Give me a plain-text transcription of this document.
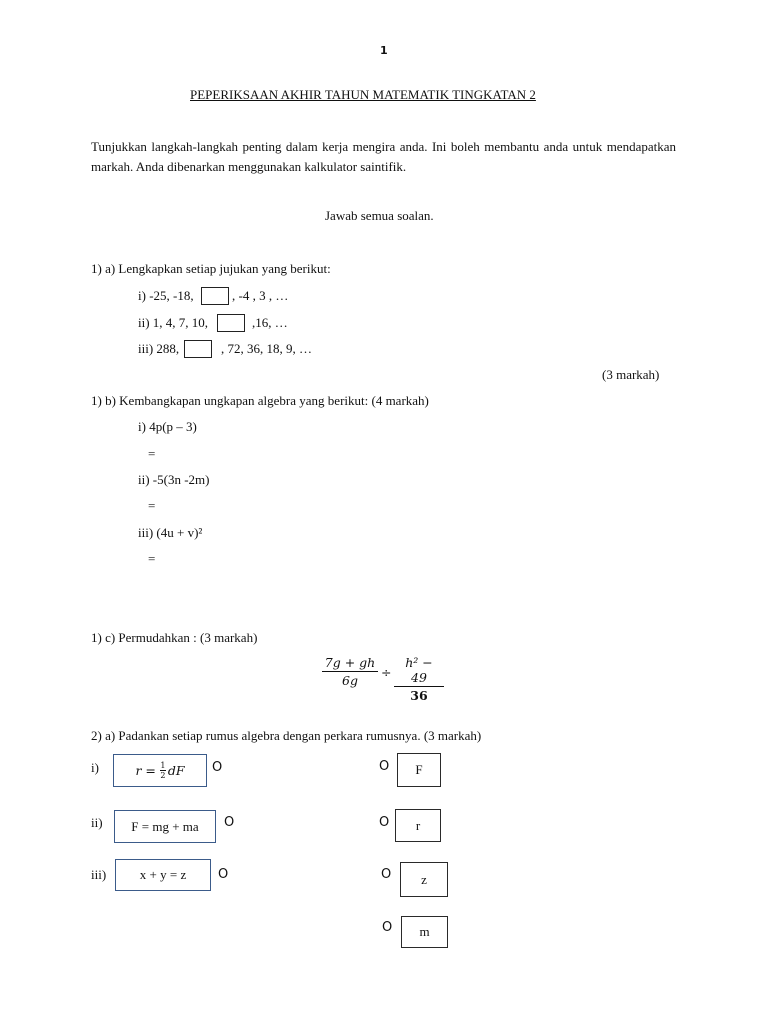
1
PEPERIKSAAN AKHIR TAHUN MATEMATIK TINGKATAN 2
Tunjukkan langkah-langkah penting dalam kerja mengira anda. Ini boleh membantu anda untuk mendapatkan markah. Anda dibenarkan menggunakan kalkulator saintifik.
Jawab semua soalan.
1) a) Lengkapkan setiap jujukan yang berikut:
i) -25, -18,	, -4 , 3 , …
ii) 1, 4, 7, 10,	,16, …
iii) 288,	, 72, 36, 18, 9, …
(3 markah)
1) b) Kembangkapan ungkapan algebra yang berikut: (4 markah)
i) 4p(p – 3)
=
ii) -5(3n -2m)
=
iii) (4u + v)²
=
1) c) Permudahkan : (3 markah)
7g + gh
6g
÷
h² − 49
36
2) a) Padankan setiap rumus algebra dengan perkara rumusnya. (3 markah)
i)	r = 1
2 dF O
ii) F = mg + ma O
iii)	x + y = z O
O F
O r
O z
O m
